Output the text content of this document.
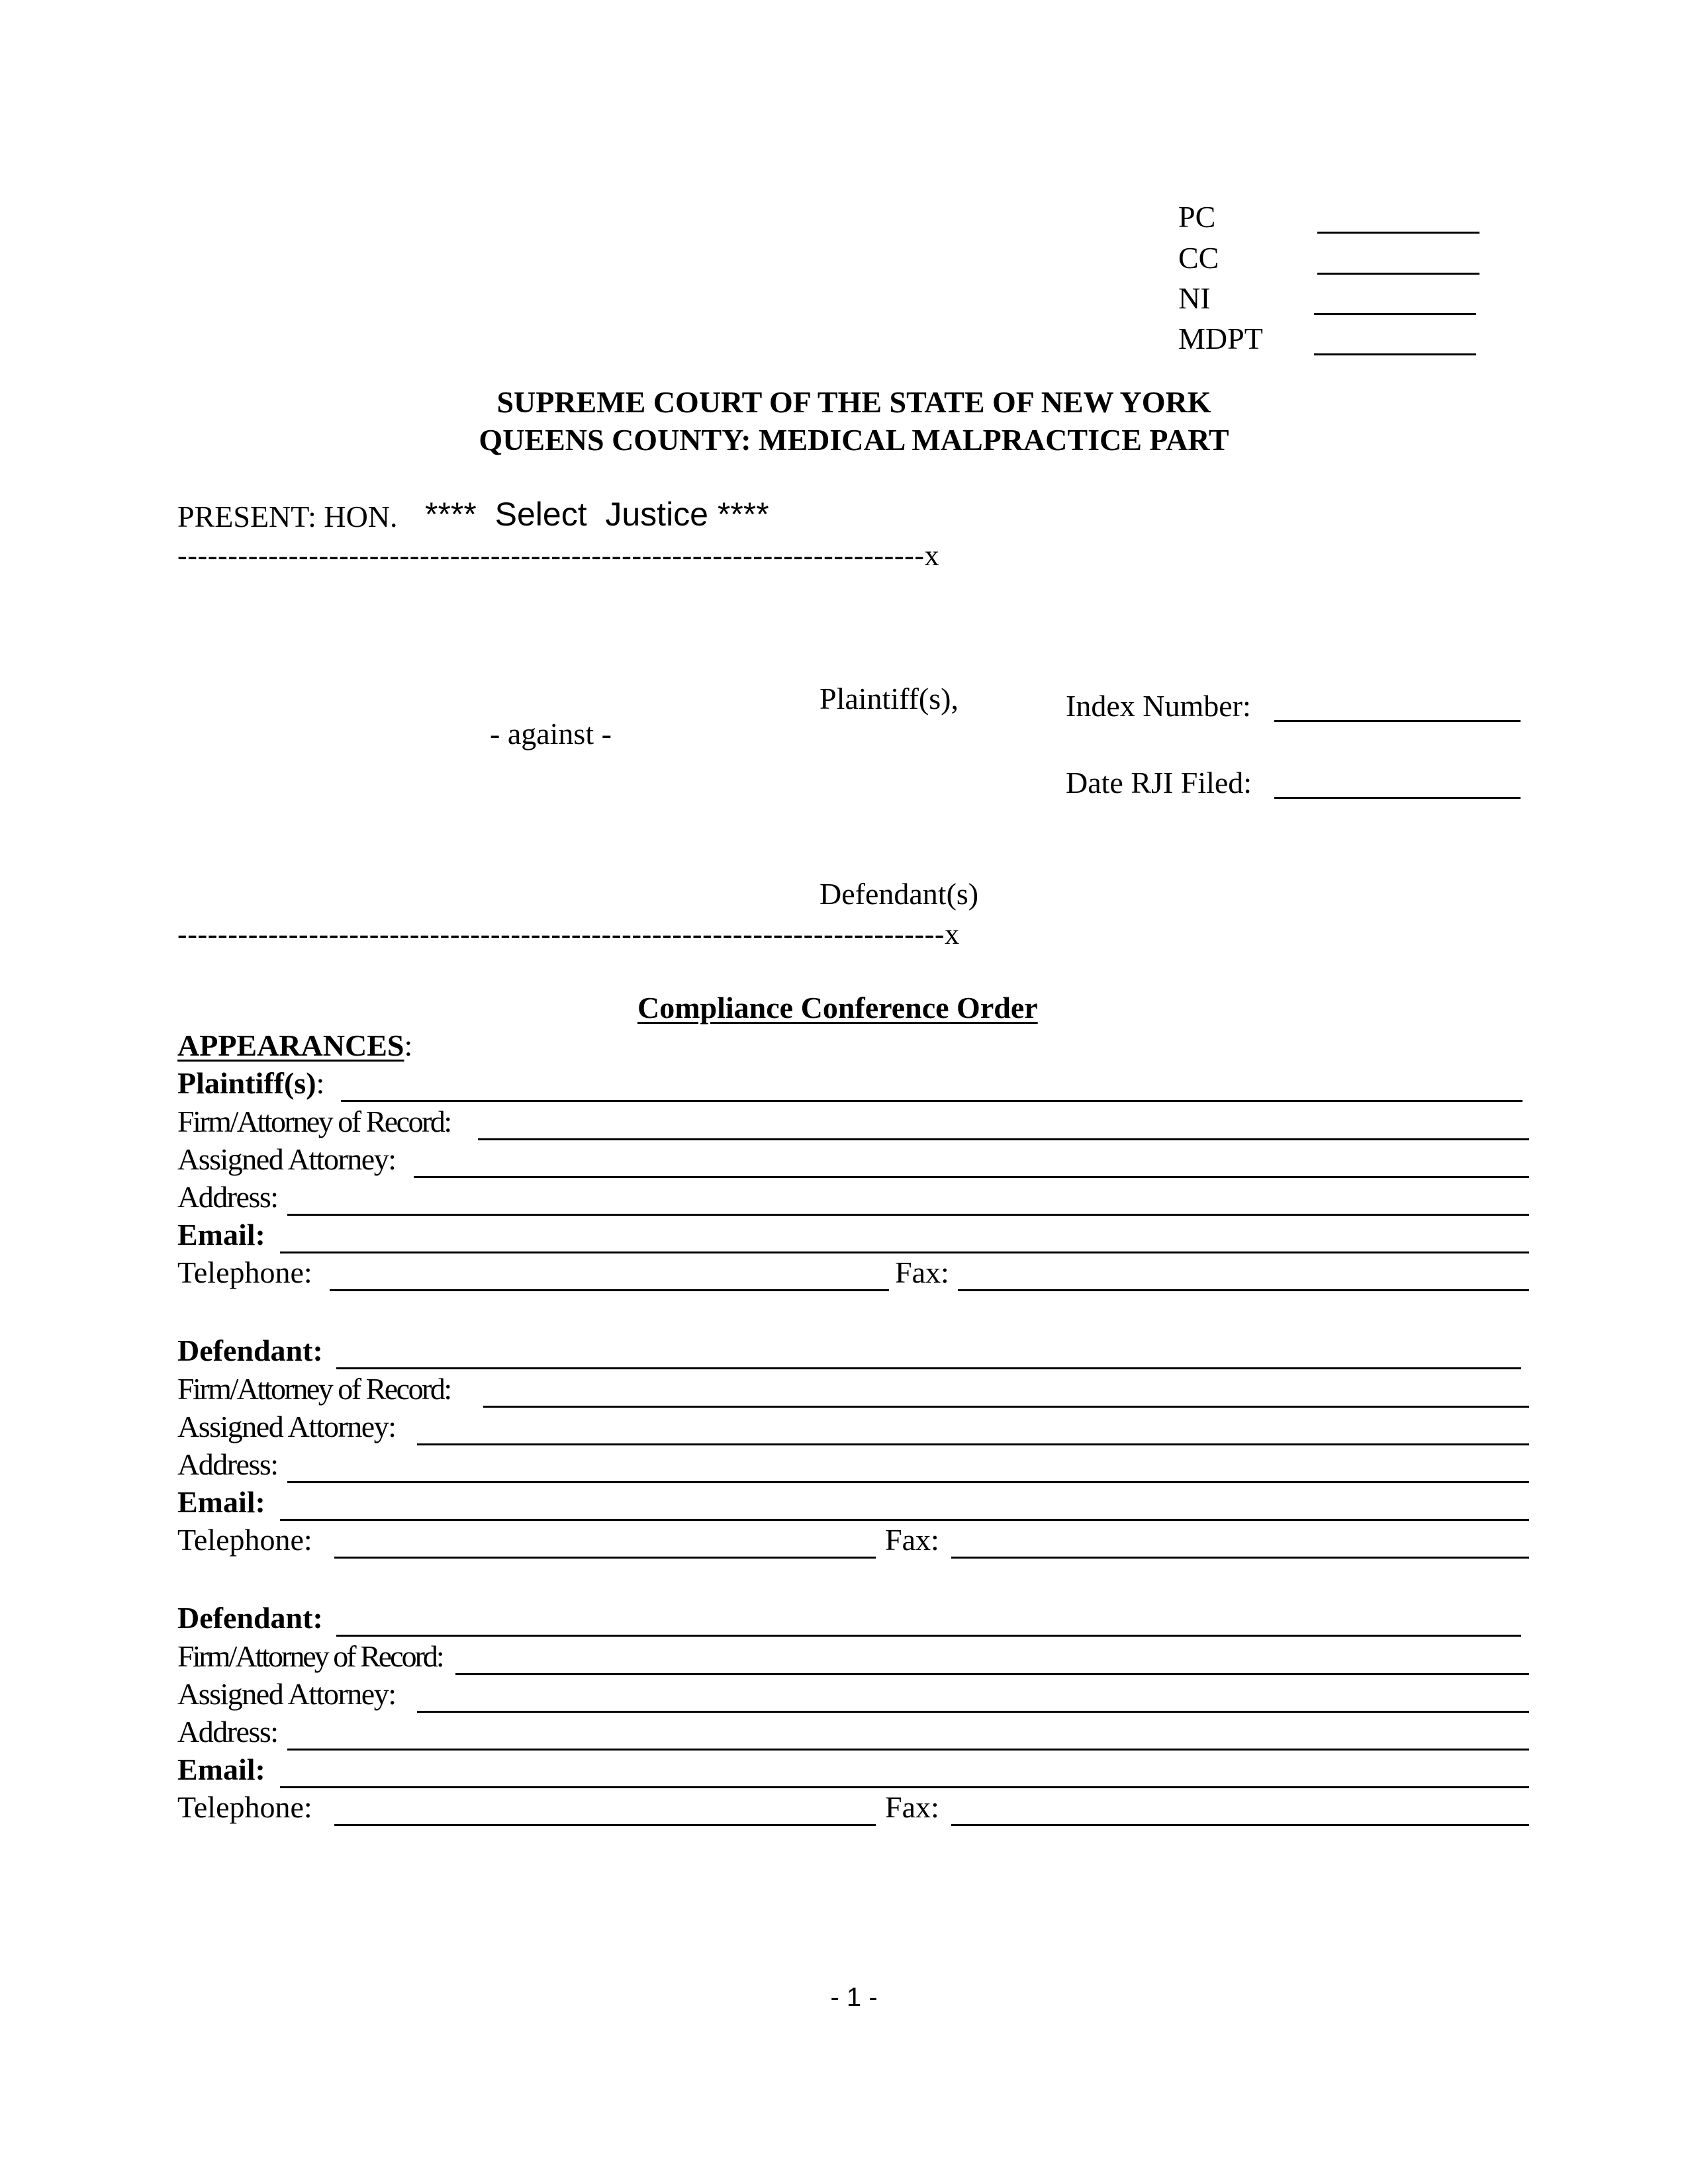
PC
CC
NI
MDPT
SUPREME COURT OF THE STATE OF NEW YORK
QUEENS COUNTY: MEDICAL MALPRACTICE PART
PRESENT: HON. ****  Select  Justice ****
--------------------------------------------------------------------------x
Plaintiff(s),
- against -
Defendant(s)
Index Number:
Date RJI Filed:
----------------------------------------------------------------------------x
Compliance Conference Order
APPEARANCES:
Plaintiff(s):
Firm/Attorney of Record:
Assigned Attorney:
Address:
Email:
Telephone:	Fax:
Defendant:
Firm/Attorney of Record:
Assigned Attorney:
Address:
Email:
Telephone:	Fax:
Defendant:
Firm/Attorney of Record:
Assigned Attorney:
Address:
Email:
Telephone:	Fax:
- 1 -
